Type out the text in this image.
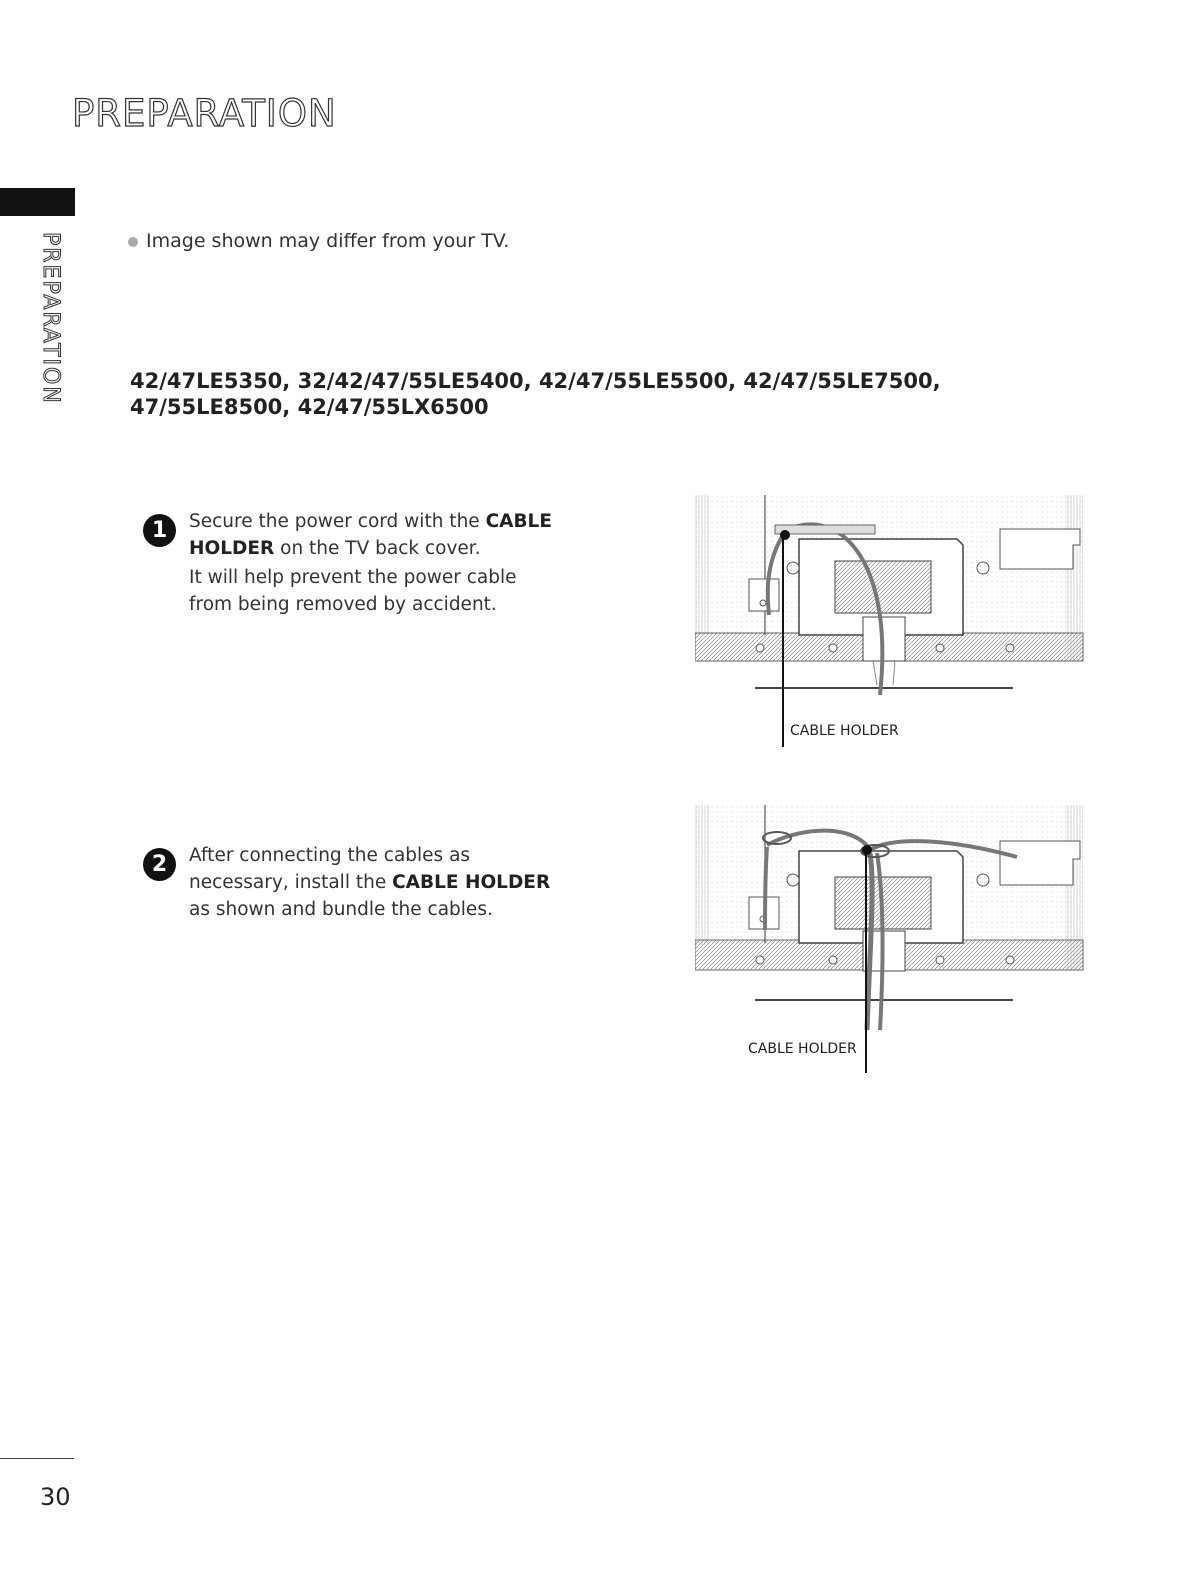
PREPARATION
PREPARATION	Image shown may differ from your TV.
42/47LE5350, 32/42/47/55LE5400, 42/47/55LE5500, 42/47/55LE7500, 47/55LE8500, 42/47/55LX6500
1	Secure the power cord with the CABLE HOLDER on the TV back cover.

It will help prevent the power cable from being removed by accident.

CABLE HOLDER
2	After connecting the cables as necessary, install the CABLE HOLDER as shown and bundle the cables.

CABLE HOLDER
30
